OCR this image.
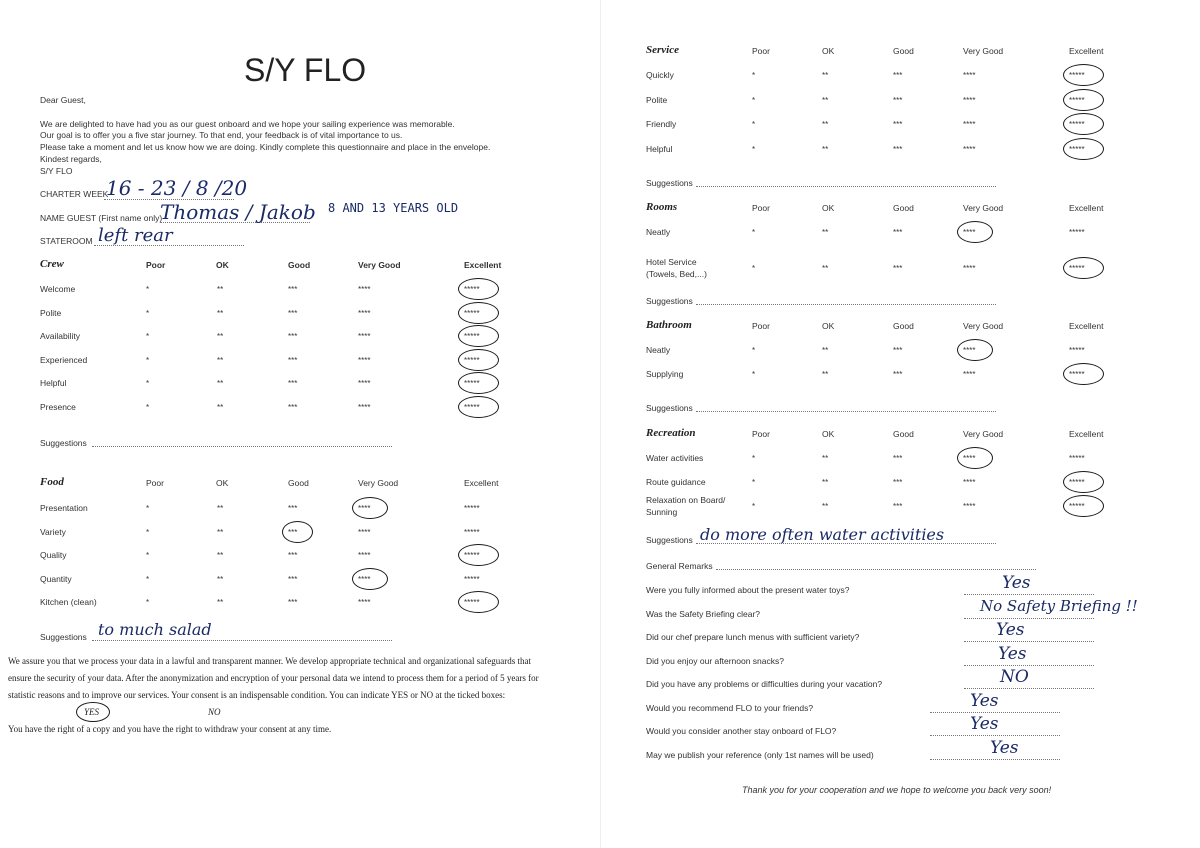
S/Y FLO
Dear Guest,
We are delighted to have had you as our guest onboard and we hope your sailing experience was memorable.
Our goal is to offer you a five star journey. To that end, your feedback is of vital importance to us.
Please take a moment and let us know how we are doing. Kindly complete this questionnaire and place in the envelope.
Kindest regards,
S/Y FLO
CHARTER WEEK
16 - 23 / 8 /20
NAME GUEST (First name only)
Thomas / Jakob 8 AND 13 YEARS OLD
STATEROOM left rear
Crew	Poor	OK	Good	Very Good	Excellent
Welcome	*	**	***	****	*****
Polite	*	**	***	****	*****
Availability	*	**	***	****	*****
Experienced	*	**	***	****	*****
Helpful	*	**	***	****	*****
Presence	*	**	***	****	*****
Suggestions
Food	Poor	OK	Good	Very Good	Excellent
Presentation	*	**	***	****	*****
Variety	*	**	***	****	*****
Quality	*	**	***	****	*****
Quantity	*	**	***	****	*****
Kitchen (clean)	*	**	***	****	*****
Suggestions to much salad
We assure you that we process your data in a lawful and transparent manner. We develop appropriate technical and organizational safeguards that
ensure the security of your data. After the anonymization and encryption of your personal data we intend to process them for a period of 5 years for
statistic reasons and to improve our services. Your consent is an indispensable condition. You can indicate YES or NO at the ticked boxes:
YES	NO
You have the right of a copy and you have the right to withdraw your consent at any time.
Service	Poor	OK	Good	Very Good	Excellent
Quickly	*	**	***	****	*****
Polite	*	**	***	****	*****
Friendly	*	**	***	****	*****
Helpful	*	**	***	****	*****
Suggestions
Rooms	Poor	OK	Good	Very Good	Excellent
Neatly	*	**	***	****	*****
Hotel Service
(Towels, Bed,...)
*	**	***	****	*****
Suggestions
Bathroom	Poor	OK	Good	Very Good	Excellent
Neatly	*	**	***	****	*****
Supplying	*	**	***	****	*****
Suggestions
Recreation	Poor	OK	Good	Very Good	Excellent
Water activities	*	**	***	****	*****
Route guidance	*	**	***	****	*****
Relaxation on Board/
Sunning
*	**	***	****	*****
Suggestions do more often water activities
General Remarks
Were you fully informed about the present water toys?	Yes
Was the Safety Briefing clear?	No Safety Briefing !!
Did our chef prepare lunch menus with sufficient variety?	Yes
Did you enjoy our afternoon snacks?	Yes
Did you have any problems or difficulties during your vacation?	NO
Would you recommend FLO to your friends?	Yes
Would you consider another stay onboard of FLO?	Yes
May we publish your reference (only 1st names will be used)	Yes
Thank you for your cooperation and we hope to welcome you back very soon!
